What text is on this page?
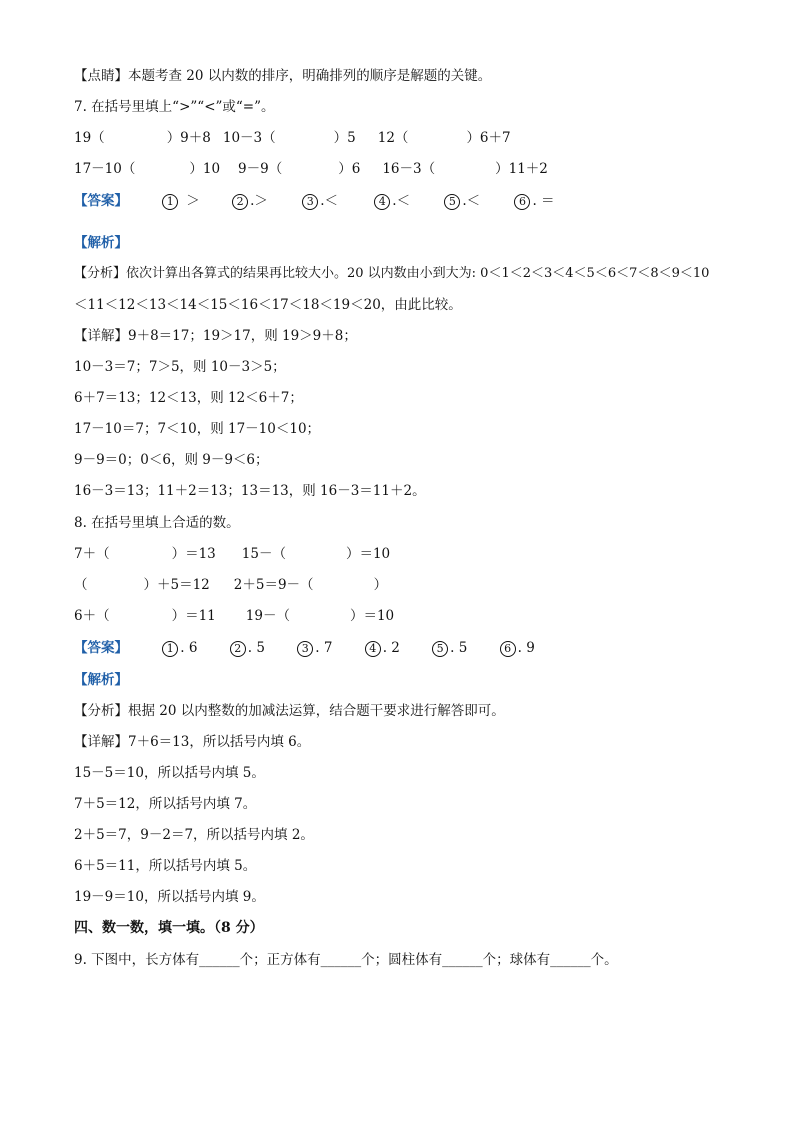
【点睛】本题考查 20 以内数的排序，明确排列的顺序是解题的关键。
7. 在括号里填上“>”“<”或“=”。
19（	）9＋8 10－3（	）5 12（	）6＋7
17－10（	）10 9－9（	）6 16－3（	）11＋2
【答案】	1 ＞	2 .＞	3 .＜	4 .＜	5 .＜	6 . ＝
【解析】
【分析】依次计算出各算式的结果再比较大小。20 以内数由小到大为: 0＜1＜2＜3＜4＜5＜6＜7＜8＜9＜10
＜11＜12＜13＜14＜15＜16＜17＜18＜19＜20，由此比较。
【详解】9＋8＝17；19＞17，则 19＞9＋8；
10－3＝7；7＞5，则 10－3＞5；
6＋7＝13；12＜13，则 12＜6＋7；
17－10＝7；7＜10，则 17－10＜10；
9－9＝0；0＜6，则 9－9＜6；
16－3＝13；11＋2＝13；13＝13，则 16－3＝11＋2。
8. 在括号里填上合适的数。
7＋（	）＝13 15－（	）＝10
（	）＋5＝12 2＋5＝9－（	）
6＋（	）＝11 19－（	）＝10
【答案】	1 . 6	2 . 5	3 . 7	4 . 2	5 . 5	6 . 9
【解析】
【分析】根据 20 以内整数的加减法运算，结合题干要求进行解答即可。
【详解】7＋6＝13，所以括号内填 6。
15－5＝10，所以括号内填 5。
7＋5＝12，所以括号内填 7。
2＋5＝7，9－2＝7，所以括号内填 2。
6＋5＝11，所以括号内填 5。
19－9＝10，所以括号内填 9。
四、数一数，填一填。（8 分）
9. 下图中，长方体有______个；正方体有______个；圆柱体有______个；球体有______个。
